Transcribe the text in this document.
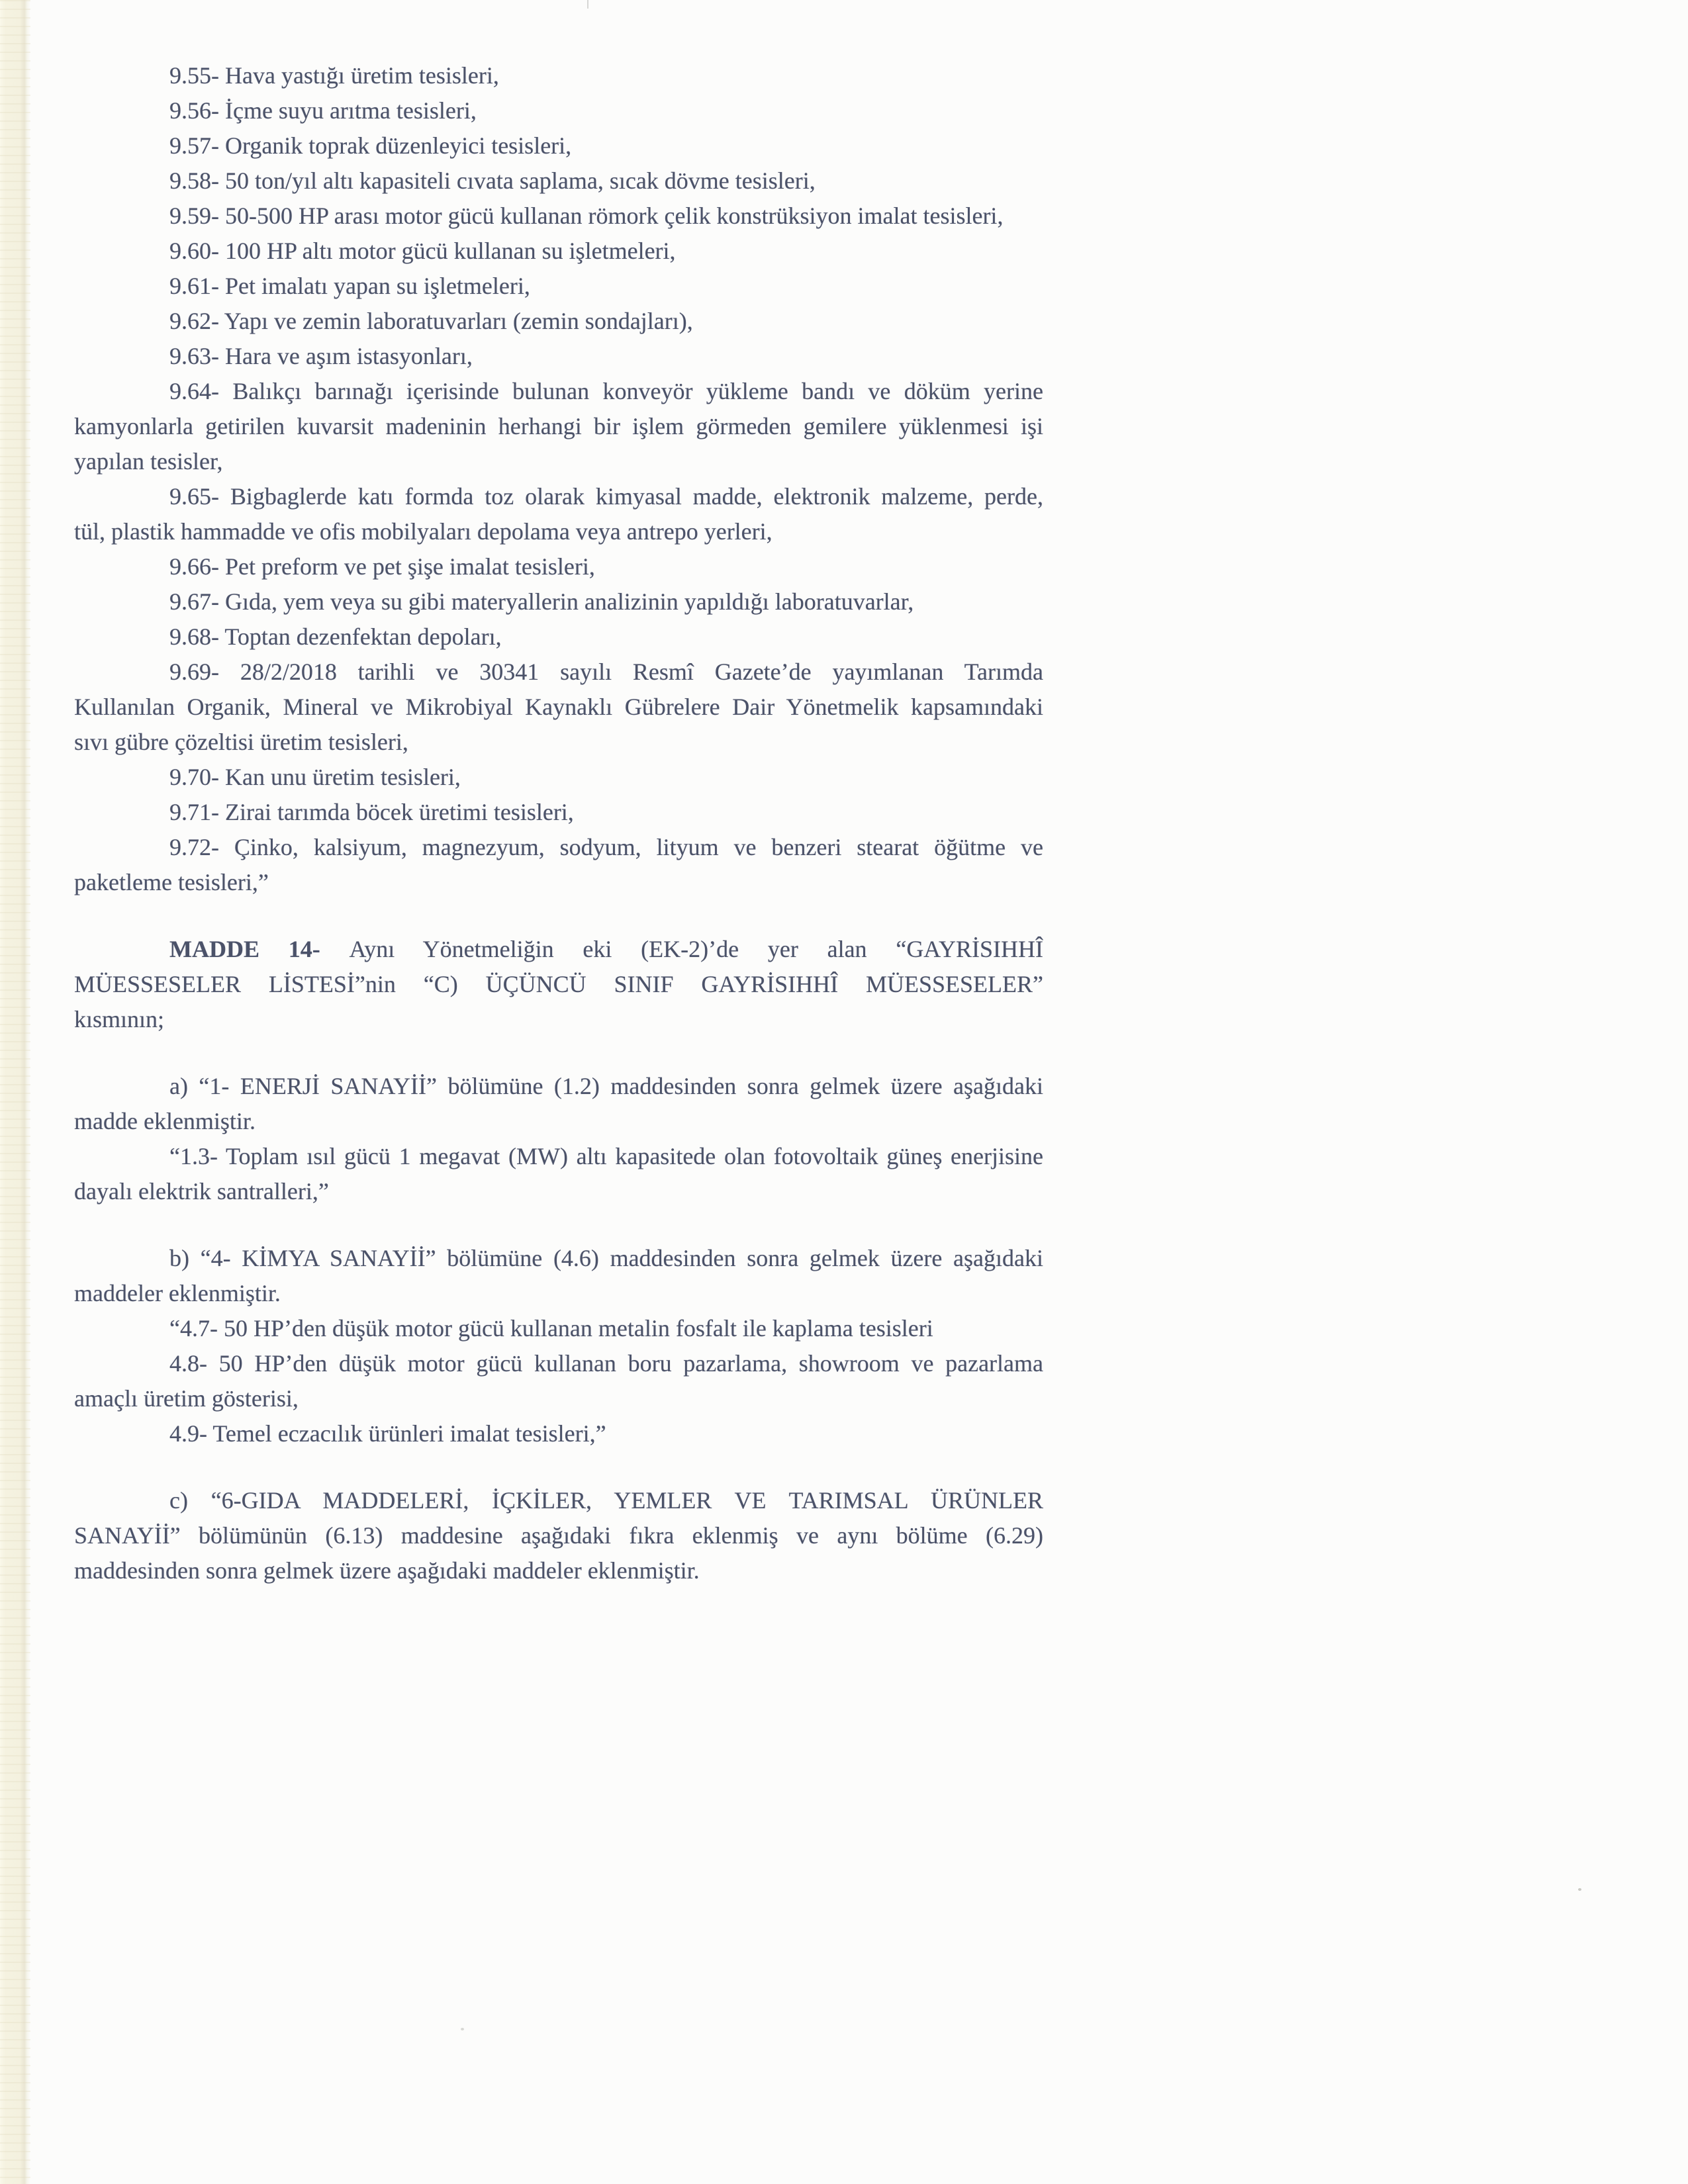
9.55- Hava yastığı üretim tesisleri,
9.56- İçme suyu arıtma tesisleri,
9.57- Organik toprak düzenleyici tesisleri,
9.58- 50 ton/yıl altı kapasiteli cıvata saplama, sıcak dövme tesisleri,
9.59- 50-500 HP arası motor gücü kullanan römork çelik konstrüksiyon imalat tesisleri,
9.60- 100 HP altı motor gücü kullanan su işletmeleri,
9.61- Pet imalatı yapan su işletmeleri,
9.62- Yapı ve zemin laboratuvarları (zemin sondajları),
9.63- Hara ve aşım istasyonları,
9.64- Balıkçı barınağı içerisinde bulunan konveyör yükleme bandı ve döküm yerine
kamyonlarla getirilen kuvarsit madeninin herhangi bir işlem görmeden gemilere yüklenmesi işi
yapılan tesisler,
9.65- Bigbaglerde katı formda toz olarak kimyasal madde, elektronik malzeme, perde,
tül, plastik hammadde ve ofis mobilyaları depolama veya antrepo yerleri,
9.66- Pet preform ve pet şişe imalat tesisleri,
9.67- Gıda, yem veya su gibi materyallerin analizinin yapıldığı laboratuvarlar,
9.68- Toptan dezenfektan depoları,
9.69- 28/2/2018 tarihli ve 30341 sayılı Resmî Gazete’de yayımlanan Tarımda
Kullanılan Organik, Mineral ve Mikrobiyal Kaynaklı Gübrelere Dair Yönetmelik kapsamındaki
sıvı gübre çözeltisi üretim tesisleri,
9.70- Kan unu üretim tesisleri,
9.71- Zirai tarımda böcek üretimi tesisleri,
9.72- Çinko, kalsiyum, magnezyum, sodyum, lityum ve benzeri stearat öğütme ve
paketleme tesisleri,”
MADDE 14- Aynı Yönetmeliğin eki (EK-2)’de yer alan “GAYRİSIHHÎ
MÜESSESELER LİSTESİ”nin “C) ÜÇÜNCÜ SINIF GAYRİSIHHÎ MÜESSESELER”
kısmının;
a) “1- ENERJİ SANAYİİ” bölümüne (1.2) maddesinden sonra gelmek üzere aşağıdaki
madde eklenmiştir.
“1.3- Toplam ısıl gücü 1 megavat (MW) altı kapasitede olan fotovoltaik güneş enerjisine
dayalı elektrik santralleri,”
b) “4- KİMYA SANAYİİ” bölümüne (4.6) maddesinden sonra gelmek üzere aşağıdaki
maddeler eklenmiştir.
“4.7- 50 HP’den düşük motor gücü kullanan metalin fosfalt ile kaplama tesisleri
4.8- 50 HP’den düşük motor gücü kullanan boru pazarlama, showroom ve pazarlama
amaçlı üretim gösterisi,
4.9- Temel eczacılık ürünleri imalat tesisleri,”
c) “6-GIDA MADDELERİ, İÇKİLER, YEMLER VE TARIMSAL ÜRÜNLER
SANAYİİ” bölümünün (6.13) maddesine aşağıdaki fıkra eklenmiş ve aynı bölüme (6.29)
maddesinden sonra gelmek üzere aşağıdaki maddeler eklenmiştir.
